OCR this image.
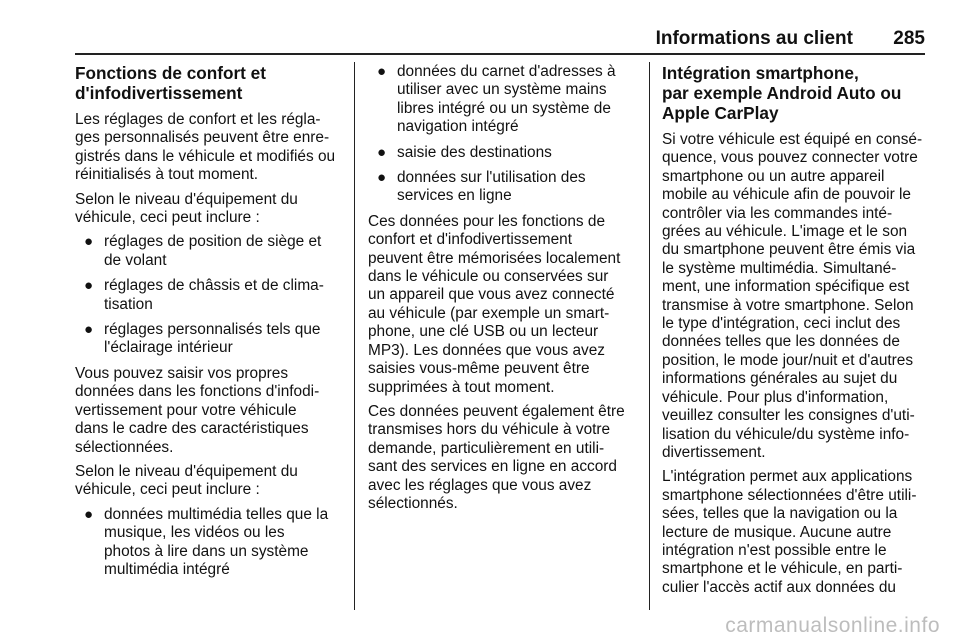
Informations au client 285
Fonctions de confort et
d'infodivertissement

Les réglages de confort et les régla-
ges personnalisés peuvent être enre-
gistrés dans le véhicule et modifiés ou
réinitialisés à tout moment.

Selon le niveau d'équipement du
véhicule, ceci peut inclure :

● réglages de position de siège et
de volant
● réglages de châssis et de clima-
tisation
● réglages personnalisés tels que
l'éclairage intérieur

Vous pouvez saisir vos propres
données dans les fonctions d'infodi-
vertissement pour votre véhicule
dans le cadre des caractéristiques
sélectionnées.

Selon le niveau d'équipement du
véhicule, ceci peut inclure :

● données multimédia telles que la
musique, les vidéos ou les
photos à lire dans un système
multimédia intégré
● données du carnet d'adresses à
utiliser avec un système mains
libres intégré ou un système de
navigation intégré
● saisie des destinations
● données sur l'utilisation des
services en ligne

Ces données pour les fonctions de
confort et d'infodivertissement
peuvent être mémorisées localement
dans le véhicule ou conservées sur
un appareil que vous avez connecté
au véhicule (par exemple un smart-
phone, une clé USB ou un lecteur
MP3). Les données que vous avez
saisies vous-même peuvent être
supprimées à tout moment.

Ces données peuvent également être
transmises hors du véhicule à votre
demande, particulièrement en utili-
sant des services en ligne en accord
avec les réglages que vous avez
sélectionnés.

Intégration smartphone,
par exemple Android Auto ou
Apple CarPlay

Si votre véhicule est équipé en consé-
quence, vous pouvez connecter votre
smartphone ou un autre appareil
mobile au véhicule afin de pouvoir le
contrôler via les commandes inté-
grées au véhicule. L'image et le son
du smartphone peuvent être émis via
le système multimédia. Simultané-
ment, une information spécifique est
transmise à votre smartphone. Selon
le type d'intégration, ceci inclut des
données telles que les données de
position, le mode jour/nuit et d'autres
informations générales au sujet du
véhicule. Pour plus d'information,
veuillez consulter les consignes d'uti-
lisation du véhicule/du système info-
divertissement.

L'intégration permet aux applications
smartphone sélectionnées d'être utili-
sées, telles que la navigation ou la
lecture de musique. Aucune autre
intégration n'est possible entre le
smartphone et le véhicule, en parti-
culier l'accès actif aux données du

carmanualsonline.info
